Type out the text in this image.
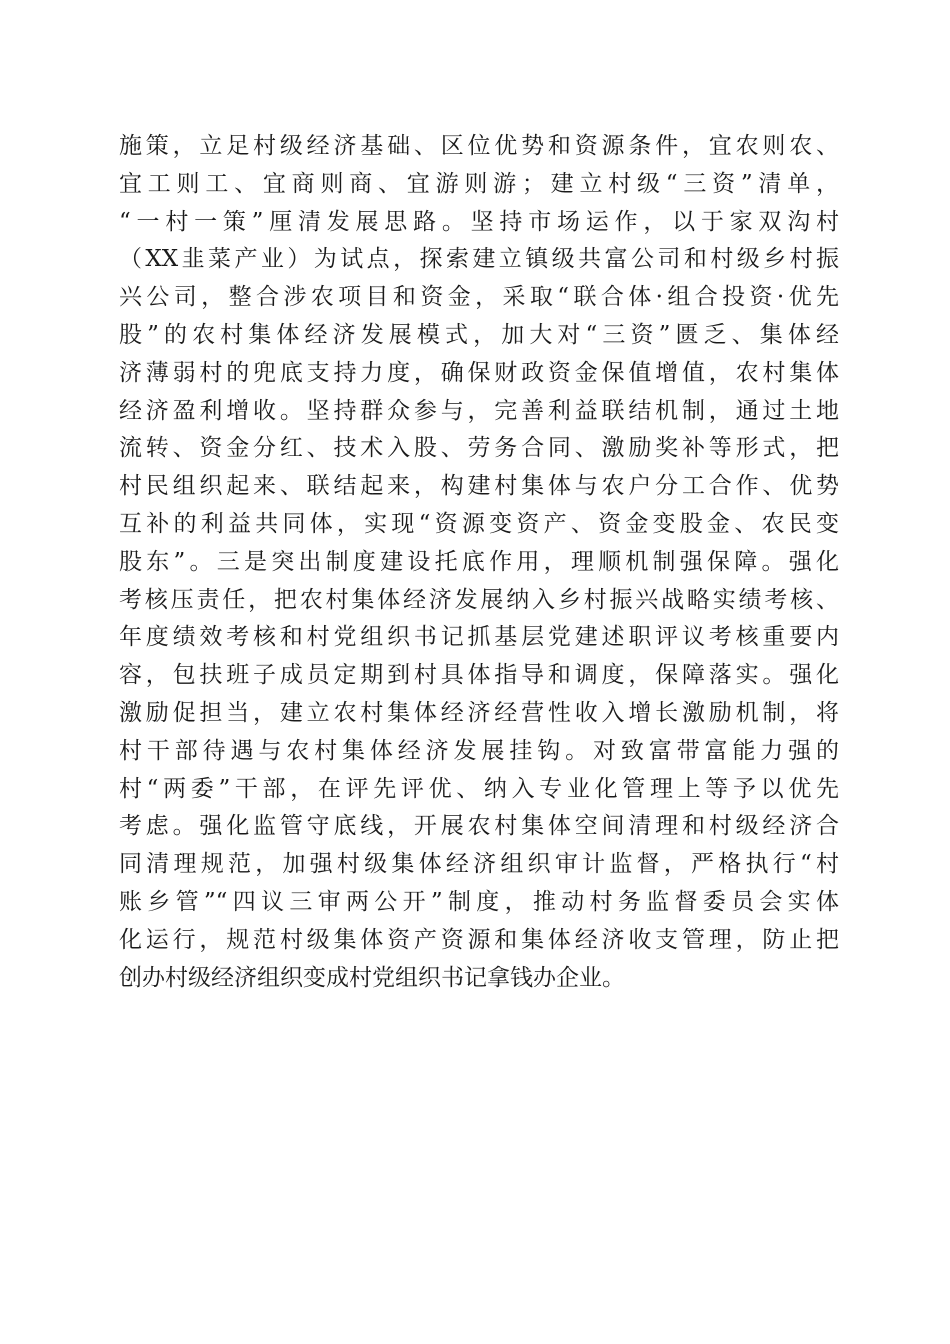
施策，立足村级经济基础、区位优势和资源条件，宜农则农、
宜工则工、宜商则商、宜游则游；建立村级“三资”清单，
“一村一策”厘清发展思路。坚持市场运作，以于家双沟村
（XX韭菜产业）为试点，探索建立镇级共富公司和村级乡村振
兴公司，整合涉农项目和资金，采取“联合体·组合投资·优先
股”的农村集体经济发展模式，加大对“三资”匮乏、集体经
济薄弱村的兜底支持力度，确保财政资金保值增值，农村集体
经济盈利增收。坚持群众参与，完善利益联结机制，通过土地
流转、资金分红、技术入股、劳务合同、激励奖补等形式，把
村民组织起来、联结起来，构建村集体与农户分工合作、优势
互补的利益共同体，实现“资源变资产、资金变股金、农民变
股东”。三是突出制度建设托底作用，理顺机制强保障。强化
考核压责任，把农村集体经济发展纳入乡村振兴战略实绩考核、
年度绩效考核和村党组织书记抓基层党建述职评议考核重要内
容，包扶班子成员定期到村具体指导和调度，保障落实。强化
激励促担当，建立农村集体经济经营性收入增长激励机制，将
村干部待遇与农村集体经济发展挂钩。对致富带富能力强的
村“两委”干部，在评先评优、纳入专业化管理上等予以优先
考虑。强化监管守底线，开展农村集体空间清理和村级经济合
同清理规范，加强村级集体经济组织审计监督，严格执行“村
账乡管”“四议三审两公开”制度，推动村务监督委员会实体
化运行，规范村级集体资产资源和集体经济收支管理，防止把
创办村级经济组织变成村党组织书记拿钱办企业。
